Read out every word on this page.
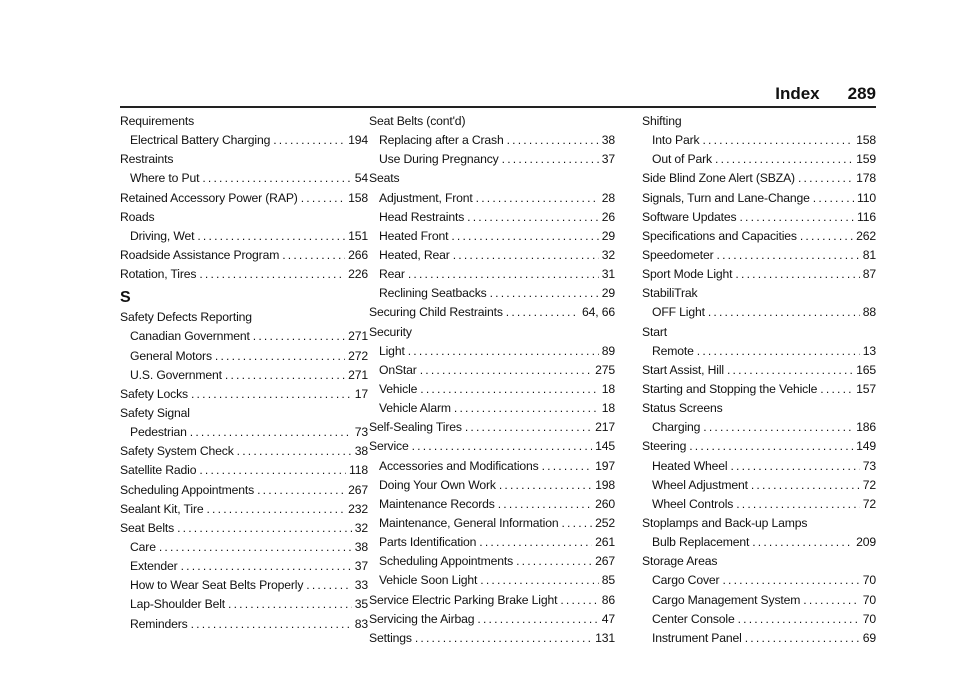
Index 289
Requirements
Electrical Battery Charging . . .	194
Restraints
Where to Put . . .	54
Retained Accessory Power (RAP) . . .	158
Roads
Driving, Wet . . .	151
Roadside Assistance Program . . .	266
Rotation, Tires . . .	226
S
Safety Defects Reporting
Canadian Government . . .	271
General Motors . . .	272
U.S. Government . . .	271
Safety Locks . . .	17
Safety Signal
Pedestrian . . .	73
Safety System Check . . .	38
Satellite Radio . . .	118
Scheduling Appointments . . .	267
Sealant Kit, Tire . . .	232
Seat Belts . . .	32
Care . . .	38
Extender . . .	37
How to Wear Seat Belts Properly . . .	33
Lap-Shoulder Belt . . .	35
Reminders . . .	83
Seat Belts (cont'd)
Replacing after a Crash . . .	38
Use During Pregnancy . . .	37
Seats
Adjustment, Front . . .	28
Head Restraints . . .	26
Heated Front . . .	29
Heated, Rear . . .	32
Rear . . .	31
Reclining Seatbacks . . .	29
Securing Child Restraints . . .	64, 66
Security
Light . . .	89
OnStar . . .	275
Vehicle . . .	18
Vehicle Alarm . . .	18
Self-Sealing Tires . . .	217
Service . . .	145
Accessories and Modifications . . .	197
Doing Your Own Work . . .	198
Maintenance Records . . .	260
Maintenance, General Information . . .	252
Parts Identification . . .	261
Scheduling Appointments . . .	267
Vehicle Soon Light . . .	85
Service Electric Parking Brake Light . . .	86
Servicing the Airbag . . .	47
Settings . . .	131
Shifting
Into Park . . .	158
Out of Park . . .	159
Side Blind Zone Alert (SBZA) . . .	178
Signals, Turn and Lane-Change . . .	110
Software Updates . . .	116
Specifications and Capacities . . .	262
Speedometer . . .	81
Sport Mode Light . . .	87
StabiliTrak
OFF Light . . .	88
Start
Remote . . .	13
Start Assist, Hill . . .	165
Starting and Stopping the Vehicle . . .	157
Status Screens
Charging . . .	186
Steering . . .	149
Heated Wheel . . .	73
Wheel Adjustment . . .	72
Wheel Controls . . .	72
Stoplamps and Back-up Lamps
Bulb Replacement . . .	209
Storage Areas
Cargo Cover . . .	70
Cargo Management System . . .	70
Center Console . . .	70
Instrument Panel . . .	69
